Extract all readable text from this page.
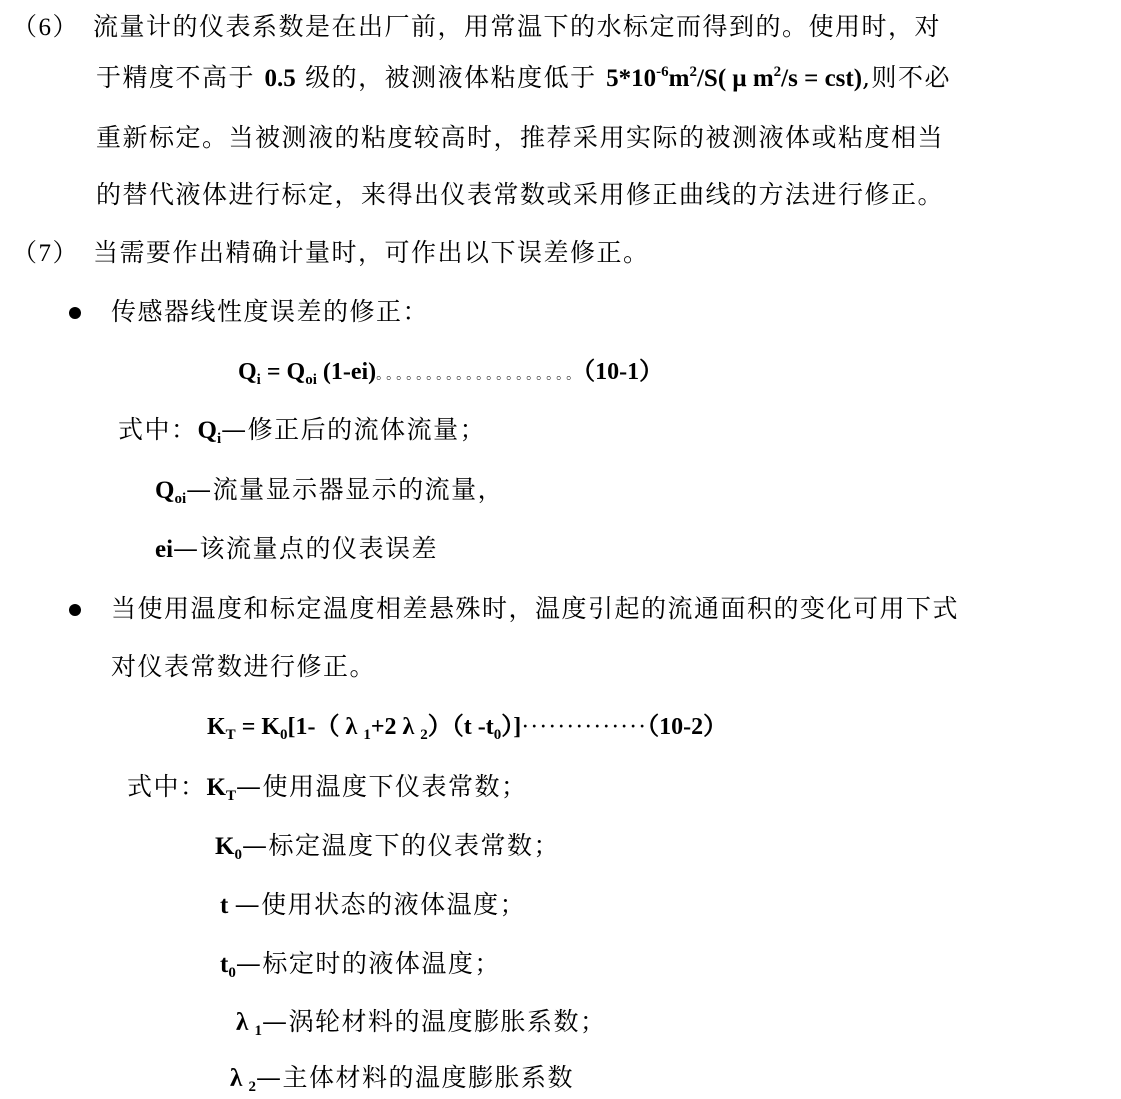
（6） 流量计的仪表系数是在出厂前，用常温下的水标定而得到的。使用时，对
于精度不高于 0.5 级的，被测液体粘度低于 $5*10^{-6}m^2/S$( μ $m^2/s = cst$),则不必
重新标定。当被测液的粘度较高时，推荐采用实际的被测液体或粘度相当
的替代液体进行标定，来得出仪表常数或采用修正曲线的方法进行修正。
（7） 当需要作出精确计量时，可作出以下误差修正。
传感器线性度误差的修正：
$Q_i = Q_{oi}$ (1-ei)。。。。。。。。。。。。。。。。。。。。（10-1）
式中：$Q_i—$修正后的流体流量；
$Q_{oi}—$流量显示器显示的流量，
ei—该流量点的仪表误差
当使用温度和标定温度相差悬殊时，温度引起的流通面积的变化可用下式
对仪表常数进行修正。
$K_T = K_0[1-$（ λ $_1$+2 λ $_2$）（t $-t_0)]\cdot\cdot\cdot\cdot\cdot\cdot\cdot\cdot\cdot\cdot\cdot\cdot\cdot\cdot(10-2)$
式中：$K_T—$使用温度下仪表常数；
$K_0—$标定温度下的仪表常数；
t —使用状态的液体温度；
$t_0—$标定时的液体温度；
λ $_1$—涡轮材料的温度膨胀系数；
λ $_2$—主体材料的温度膨胀系数
